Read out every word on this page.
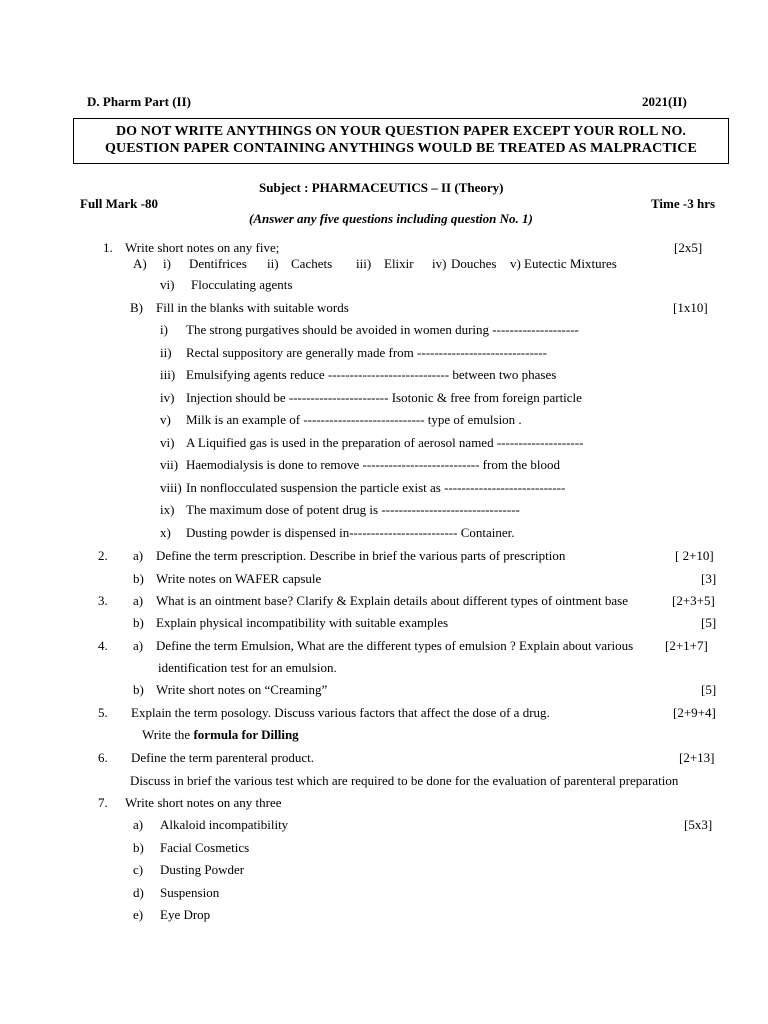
D. Pharm Part (II)	2021(II)
DO NOT WRITE ANYTHINGS ON YOUR QUESTION PAPER EXCEPT YOUR ROLL NO.
QUESTION PAPER CONTAINING ANYTHINGS WOULD BE TREATED AS MALPRACTICE
Subject : PHARMACEUTICS – II (Theory)
Full Mark -80	Time -3 hrs
(Answer any five questions including question No. 1)
1. Write short notes on any five;	[2x5]
A) i) Dentifrices ii) Cachets iii) Elixir iv) Douches v) Eutectic Mixtures
vi) Flocculating agents
B) Fill in the blanks with suitable words	[1x10]
i) The strong purgatives should be avoided in women during --------------------
ii) Rectal suppository are generally made from ------------------------------
iii) Emulsifying agents reduce ---------------------------- between two phases
iv) Injection should be ----------------------- Isotonic & free from foreign particle
v) Milk is an example of ---------------------------- type of emulsion .
vi) A Liquified gas is used in the preparation of aerosol named --------------------
vii) Haemodialysis is done to remove --------------------------- from the blood
viii) In nonflocculated suspension the particle exist as ----------------------------
ix) The maximum dose of potent drug is --------------------------------
x) Dusting powder is dispensed in------------------------- Container.
2. a) Define the term prescription. Describe in brief the various parts of prescription	[ 2+10]
b) Write notes on WAFER capsule	[3]
3. a) What is an ointment base? Clarify & Explain details about different types of ointment base	[2+3+5]
b) Explain physical incompatibility with suitable examples	[5]
4. a) Define the term Emulsion, What are the different types of emulsion ? Explain about various [2+1+7]
identification test for an emulsion.
b) Write short notes on “Creaming”	[5]
5. Explain the term posology. Discuss various factors that affect the dose of a drug.	[2+9+4]
Write the formula for Dilling
6. Define the term parenteral product.	[2+13]
Discuss in brief the various test which are required to be done for the evaluation of parenteral preparation
7. Write short notes on any three
a) Alkaloid incompatibility	[5x3]
b) Facial Cosmetics
c) Dusting Powder
d) Suspension
e) Eye Drop
